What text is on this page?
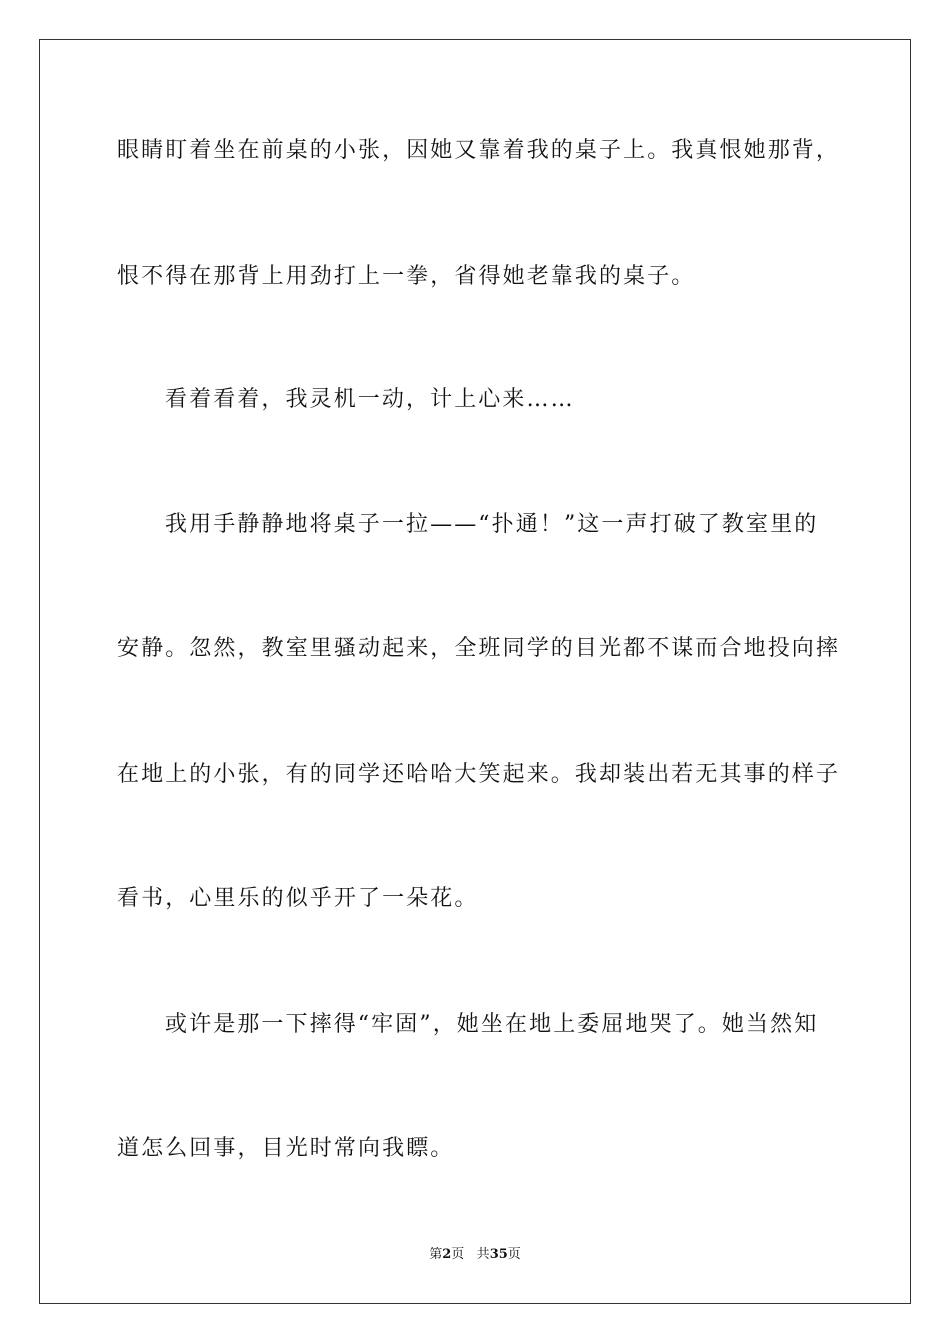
眼睛盯着坐在前桌的小张，因她又靠着我的桌子上。我真恨她那背，
恨不得在那背上用劲打上一拳，省得她老靠我的桌子。
看着看着，我灵机一动，计上心来……
我用手静静地将桌子一拉——“扑通！”这一声打破了教室里的
安静。忽然，教室里骚动起来，全班同学的目光都不谋而合地投向摔
在地上的小张，有的同学还哈哈大笑起来。我却装出若无其事的样子
看书，心里乐的似乎开了一朵花。
或许是那一下摔得“牢固”，她坐在地上委屈地哭了。她当然知
道怎么回事，目光时常向我瞟。
第2页 共35页
